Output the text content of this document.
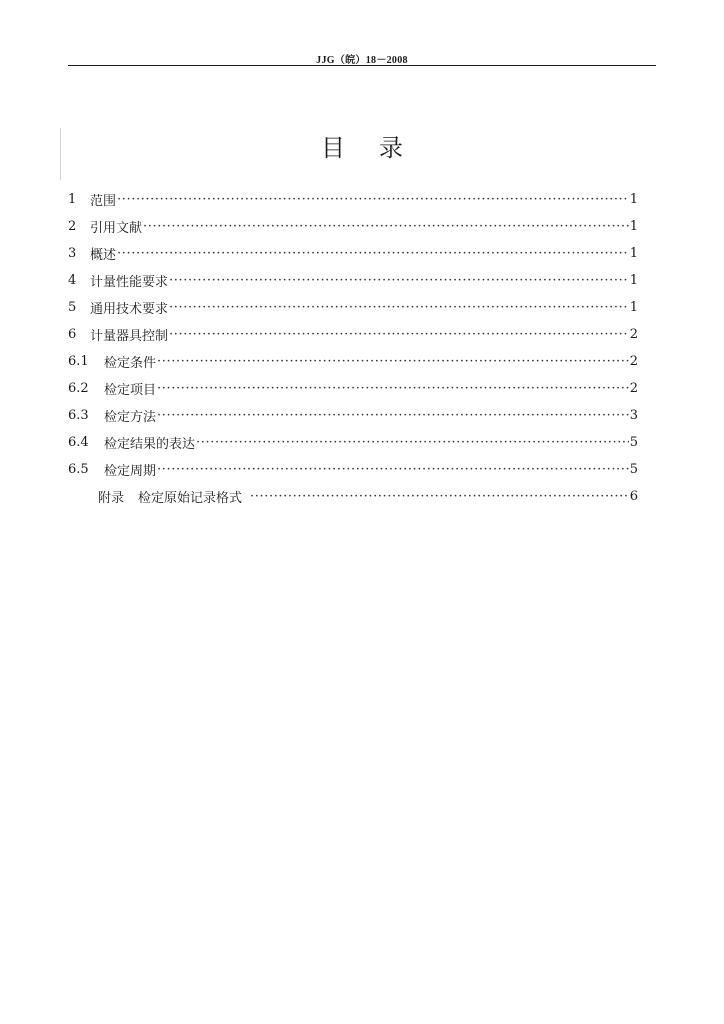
JJG（皖）18－2008
目录
1	范围 ·····	1
2	引用文献 ·····	1
3	概述 ·····	1
4	计量性能要求 ·····	1
5	通用技术要求 ·····	1
6	计量器具控制 ·····	2
6.1	检定条件 ·····	2
6.2	检定项目 ·····	2
6.3	检定方法 ·····	3
6.4	检定结果的表达 ·····	5
6.5	检定周期 ·····	5
附录 检定原始记录格式 ·····	6
